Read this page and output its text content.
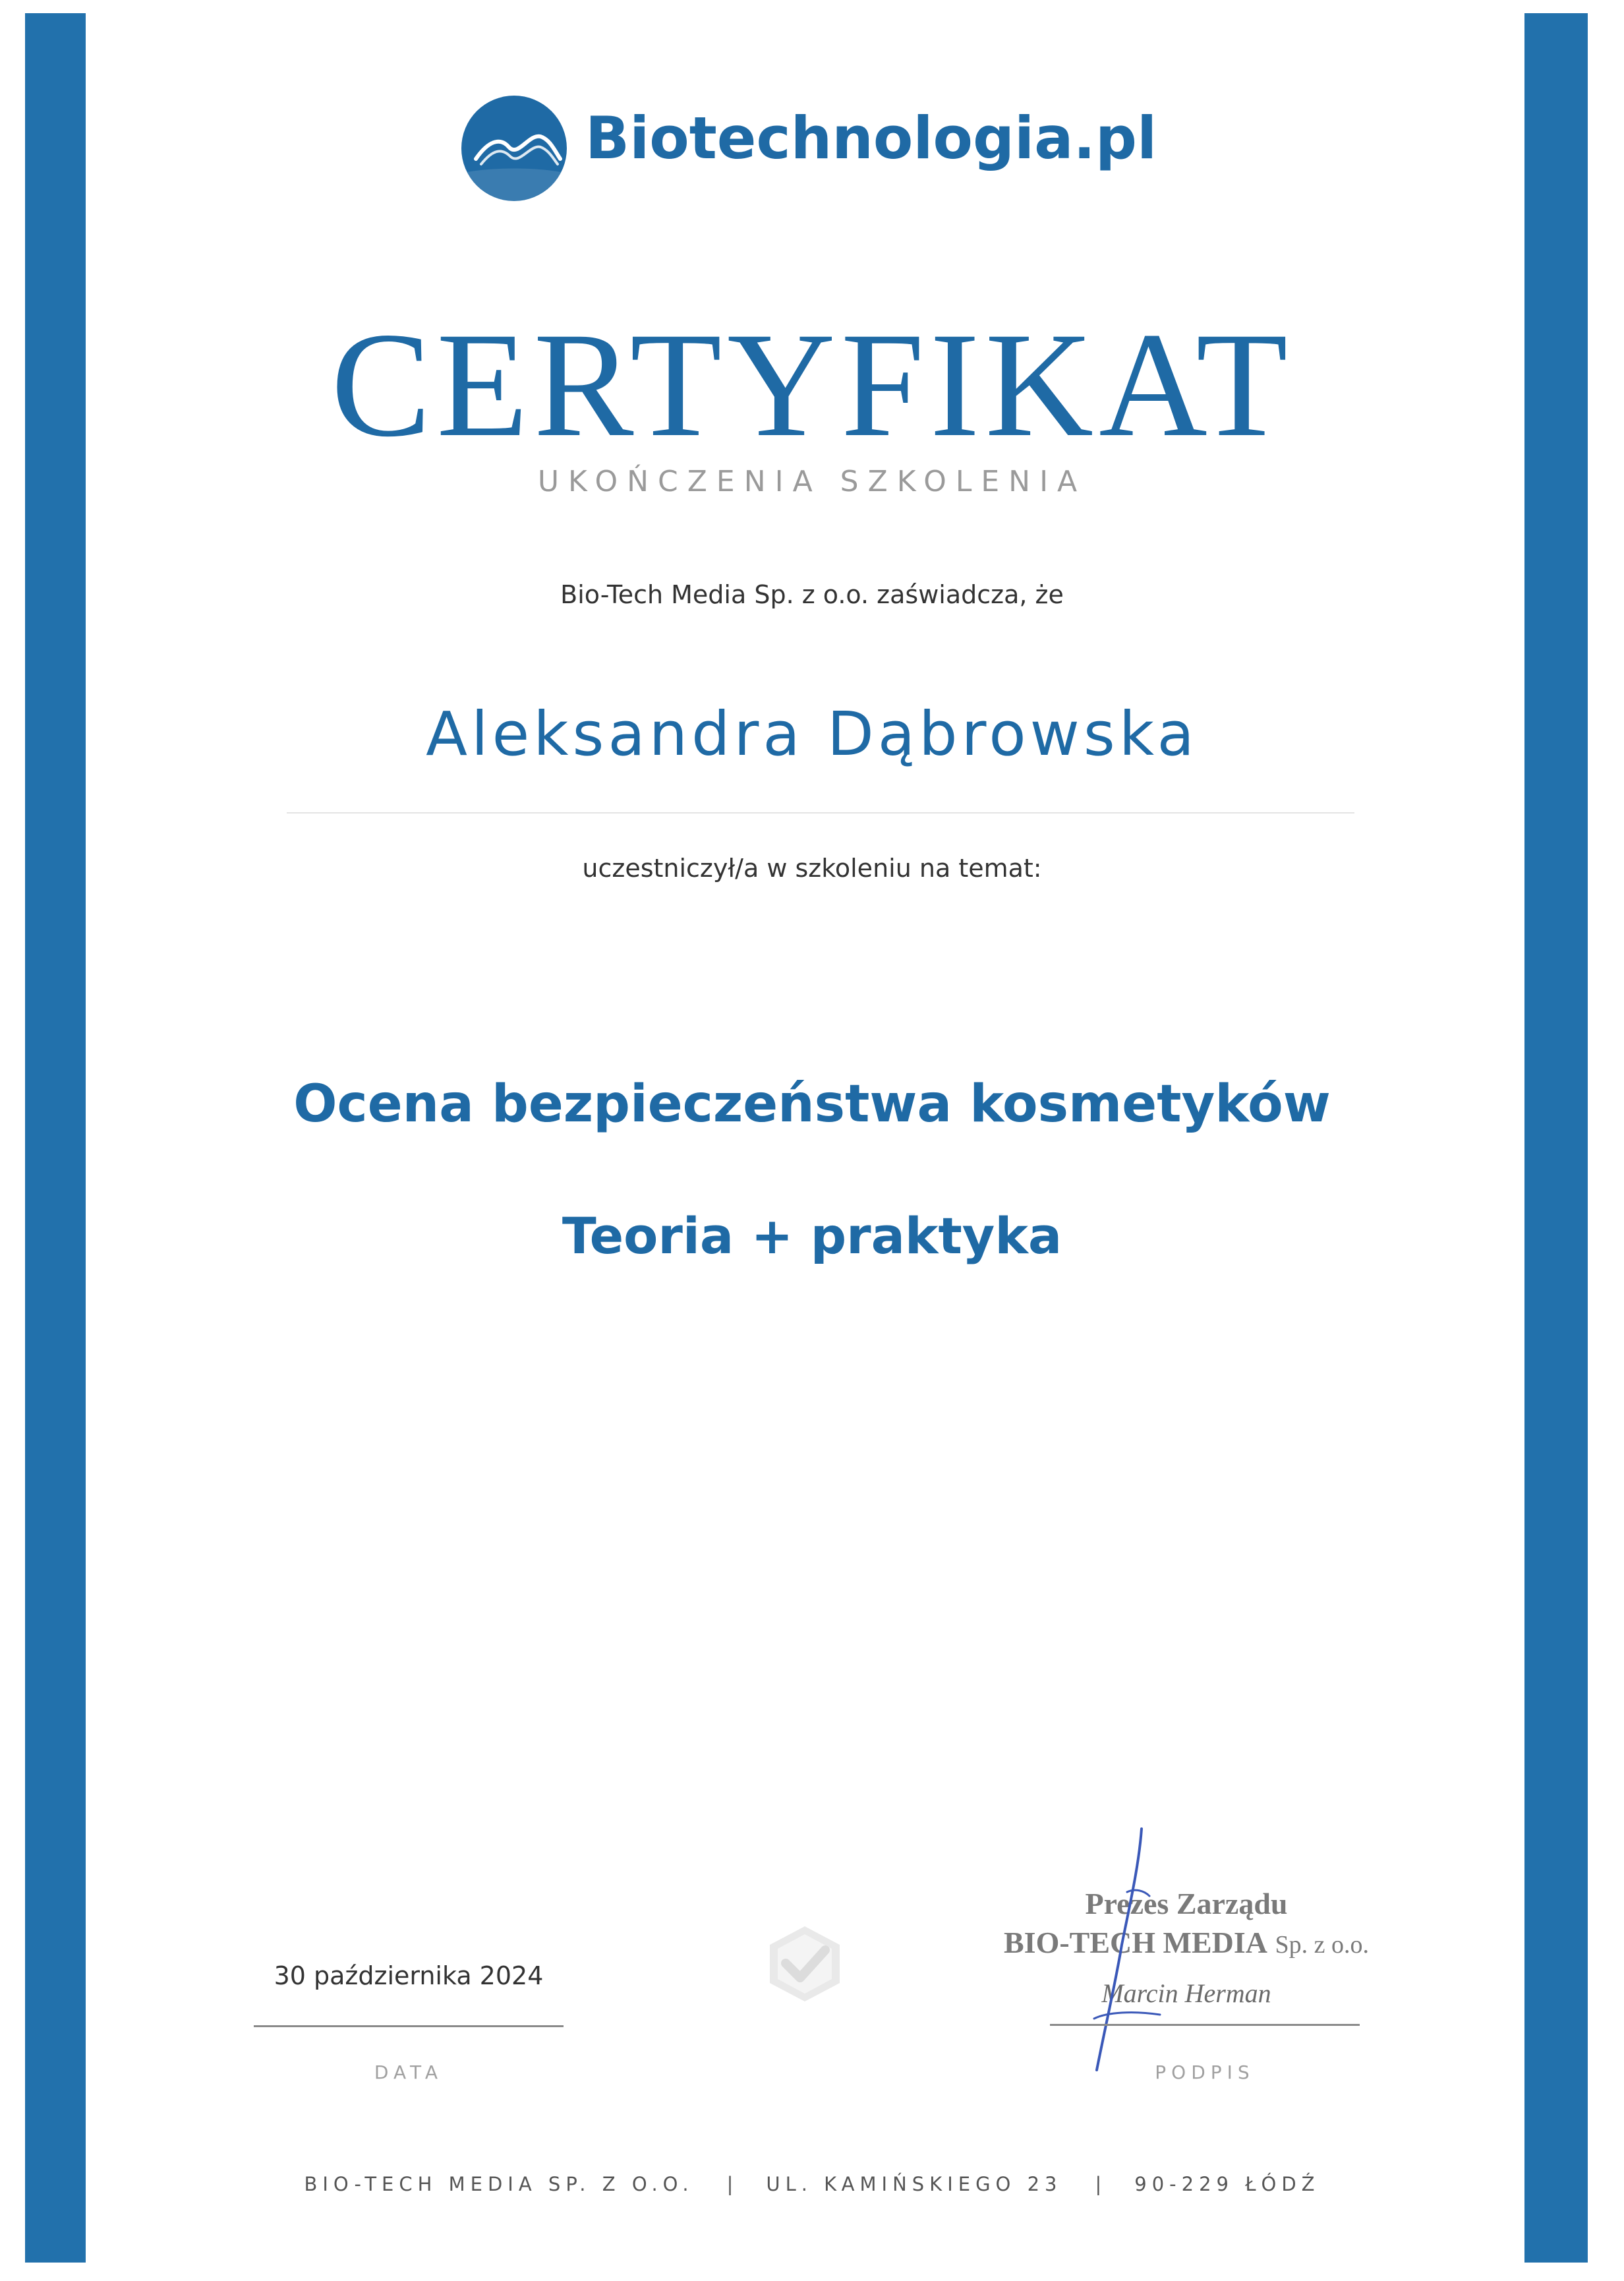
Biotechnologia.pl
CERTYFIKAT
UKOŃCZENIA SZKOLENIA
Bio-Tech Media Sp. z o.o. zaświadcza, że
Aleksandra Dąbrowska
uczestniczył/a w szkoleniu na temat:
Ocena bezpieczeństwa kosmetyków
Teoria + praktyka
30 października 2024
DATA
Prezes Zarządu
BIO-TECH MEDIA Sp. z o.o.
Marcin Herman
PODPIS
BIO-TECH MEDIA SP. Z O.O. | UL. KAMIŃSKIEGO 23 | 90-229 ŁÓDŹ
